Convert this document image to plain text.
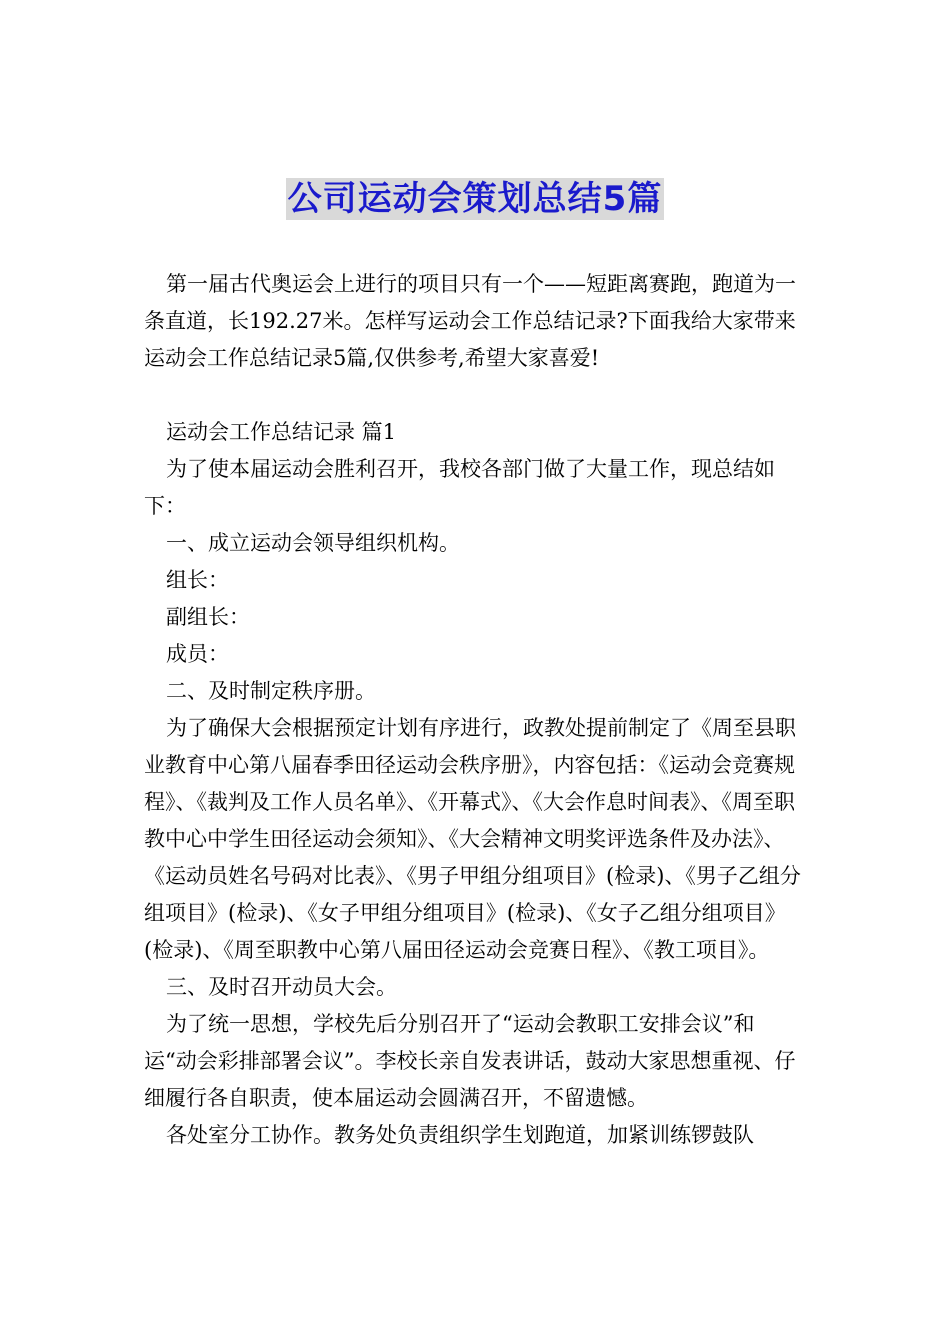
公司运动会策划总结5篇

第一届古代奥运会上进行的项目只有一个——短距离赛跑，跑道为一条直道，长192.27米。怎样写运动会工作总结记录?下面我给大家带来运动会工作总结记录5篇,仅供参考,希望大家喜爱!

运动会工作总结记录 篇1

为了使本届运动会胜利召开，我校各部门做了大量工作，现总结如下：

一、成立运动会领导组织机构。

组长：

副组长：

成员：

二、及时制定秩序册。

为了确保大会根据预定计划有序进行，政教处提前制定了《周至县职业教育中心第八届春季田径运动会秩序册》，内容包括：《运动会竞赛规程》、《裁判及工作人员名单》、《开幕式》、《大会作息时间表》、《周至职教中心中学生田径运动会须知》、《大会精神文明奖评选条件及办法》、《运动员姓名号码对比表》、《男子甲组分组项目》(检录)、《男子乙组分组项目》(检录)、《女子甲组分组项目》(检录)、《女子乙组分组项目》(检录)、《周至职教中心第八届田径运动会竞赛日程》、《教工项目》。

三、及时召开动员大会。

为了统一思想，学校先后分别召开了“运动会教职工安排会议”和运“动会彩排部署会议”。李校长亲自发表讲话，鼓动大家思想重视、仔细履行各自职责，使本届运动会圆满召开，不留遗憾。

各处室分工协作。教务处负责组织学生划跑道，加紧训练锣鼓队
